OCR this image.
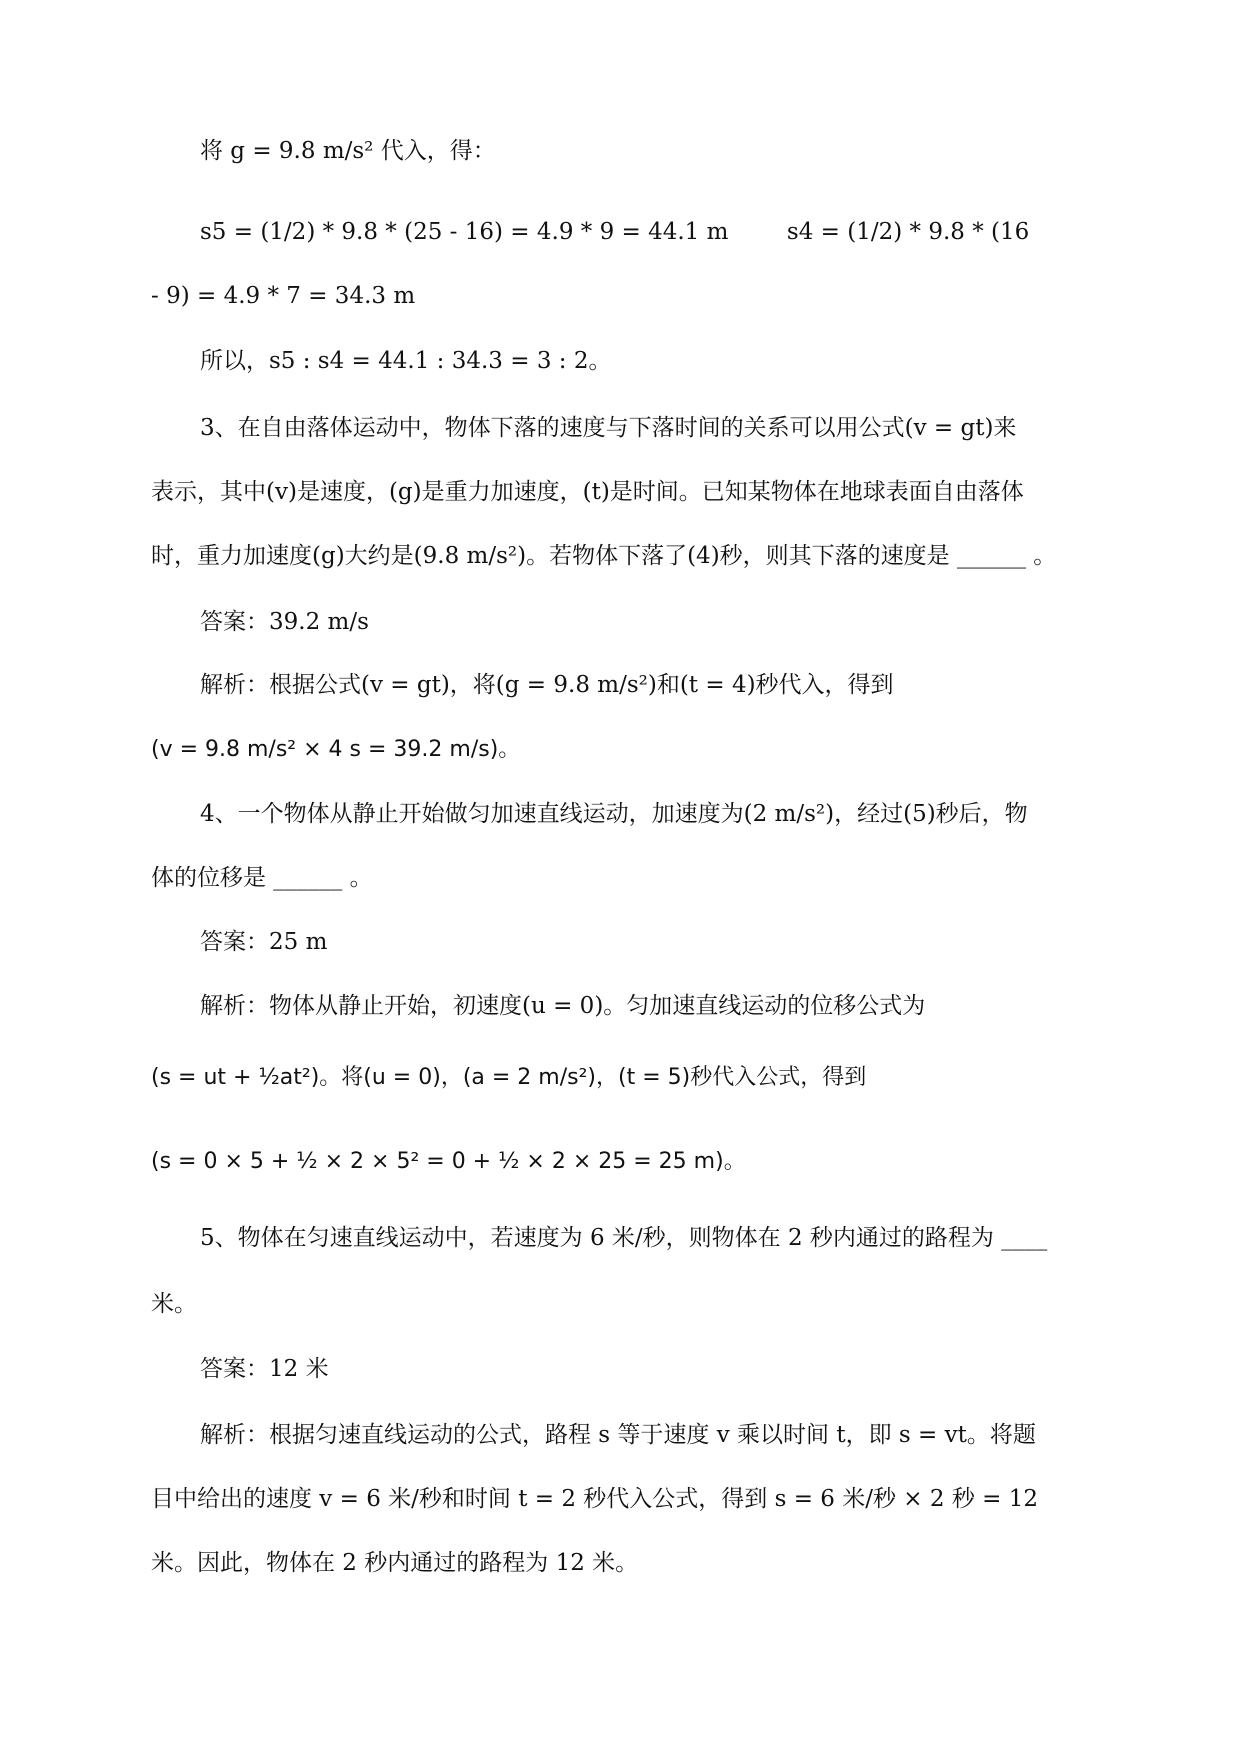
将 g = 9.8 m/s² 代入，得：
s5 = (1/2) * 9.8 * (25 - 16) = 4.9 * 9 = 44.1 m        s4 = (1/2) * 9.8 * (16
- 9) = 4.9 * 7 = 34.3 m
所以，s5 : s4 = 44.1 : 34.3 = 3 : 2。
3、在自由落体运动中，物体下落的速度与下落时间的关系可以用公式(v = gt)来
表示，其中(v)是速度，(g)是重力加速度，(t)是时间。已知某物体在地球表面自由落体
时，重力加速度(g)大约是(9.8 m/s²)。若物体下落了(4)秒，则其下落的速度是 ______ 。
答案：39.2 m/s
解析：根据公式(v = gt)，将(g = 9.8 m/s²)和(t = 4)秒代入，得到
(v = 9.8 m/s² × 4 s = 39.2 m/s)。
4、一个物体从静止开始做匀加速直线运动，加速度为(2 m/s²)，经过(5)秒后，物
体的位移是 ______ 。
答案：25 m
解析：物体从静止开始，初速度(u = 0)。匀加速直线运动的位移公式为
(s = ut + ½at²)。将(u = 0)，(a = 2 m/s²)，(t = 5)秒代入公式，得到
(s = 0 × 5 + ½ × 2 × 5² = 0 + ½ × 2 × 25 = 25 m)。
5、物体在匀速直线运动中，若速度为 6 米/秒，则物体在 2 秒内通过的路程为 ____
米。
答案：12 米
解析：根据匀速直线运动的公式，路程 s 等于速度 v 乘以时间 t，即 s = vt。将题
目中给出的速度 v = 6 米/秒和时间 t = 2 秒代入公式，得到 s = 6 米/秒 × 2 秒 = 12
米。因此，物体在 2 秒内通过的路程为 12 米。
